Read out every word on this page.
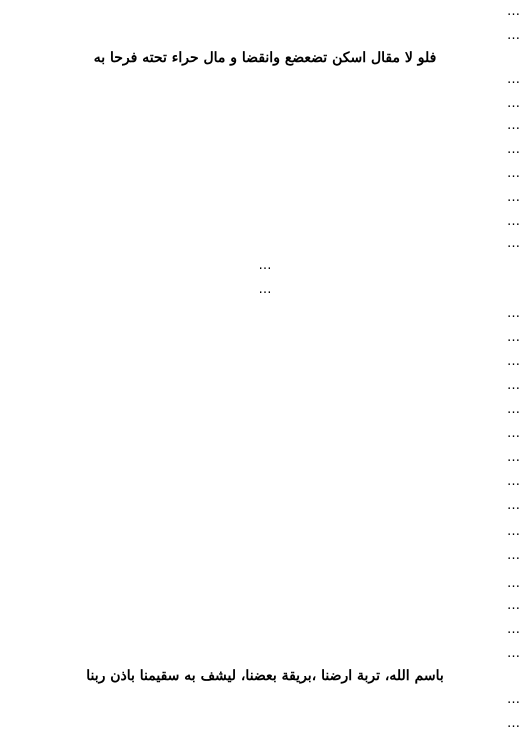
…
…
فلو لا مقال اسكن تضعضع وانقضا و مال حراء تحته فرحا به
…
…
…
…
…
…
…
…
…
…
…
…
…
…
…
…
…
…
…
…
…
…
…
…
…
باسم الله، تربة ارضنا ،بريقة بعضنا، ليشف به سقيمنا باذن ربنا
…
…
